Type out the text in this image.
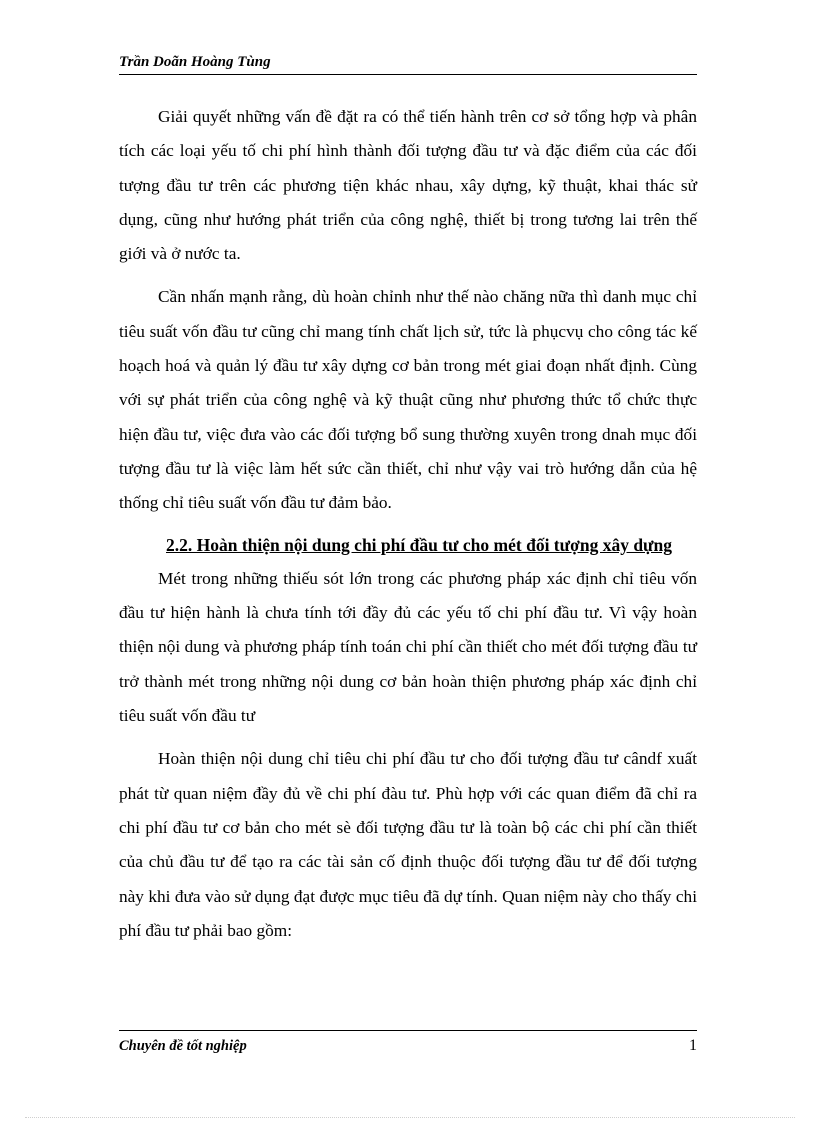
Trần Doãn Hoàng Tùng

Giải quyết những vấn đề đặt ra có thể tiến hành trên cơ sở tổng hợp và phân tích các loại yếu tố chi phí hình thành đối tượng đầu tư và đặc điểm của các đối tượng đầu tư trên các phương tiện khác nhau, xây dựng, kỹ thuật, khai thác sử dụng, cũng như hướng phát triển của công nghệ, thiết bị trong tương lai trên thế giới và ở nước ta.

Cần nhấn mạnh rằng, dù hoàn chỉnh như thế nào chăng nữa thì danh mục chỉ tiêu suất vốn đầu tư cũng chỉ mang tính chất lịch sử, tức là phụcvụ cho công tác kế hoạch hoá và quản lý đầu tư xây dựng cơ bản trong mét giai đoạn nhất định. Cùng với sự phát triển của công nghệ và kỹ thuật cũng như phương thức tổ chức thực hiện đầu tư, việc đưa vào các đối tượng bổ sung thường xuyên trong dnah mục đối tượng đầu tư là việc làm hết sức cần thiết, chỉ như vậy vai trò hướng dẫn của hệ thống chỉ tiêu suất vốn đầu tư đảm bảo.

2.2. Hoàn thiện nội dung chi phí đầu tư cho mét đối tượng xây dựng

Mét trong những thiếu sót lớn trong các phương pháp xác định chỉ tiêu vốn đầu tư hiện hành là chưa tính tới đầy đủ các yếu tố chi phí đầu tư. Vì vậy hoàn thiện nội dung và phương pháp tính toán chi phí cần thiết cho mét đối tượng đầu tư trở thành mét trong những nội dung cơ bản hoàn thiện phương pháp xác định chỉ tiêu suất vốn đầu tư

Hoàn thiện nội dung chỉ tiêu chi phí đầu tư cho đối tượng đầu tư cândf xuất phát từ quan niệm đầy đủ về chi phí đàu tư. Phù hợp với các quan điểm đã chỉ ra chi phí đầu tư cơ bản cho mét sè đối tượng đầu tư là toàn bộ các chi phí cần thiết của chủ đầu tư để tạo ra các tài sản cố định thuộc đối tượng đầu tư để đối tượng này khi đưa vào sử dụng đạt được mục tiêu đã dự tính. Quan niệm này cho thấy chi phí đầu tư phải bao gồm:

Chuyên đề tốt nghiệp	1
